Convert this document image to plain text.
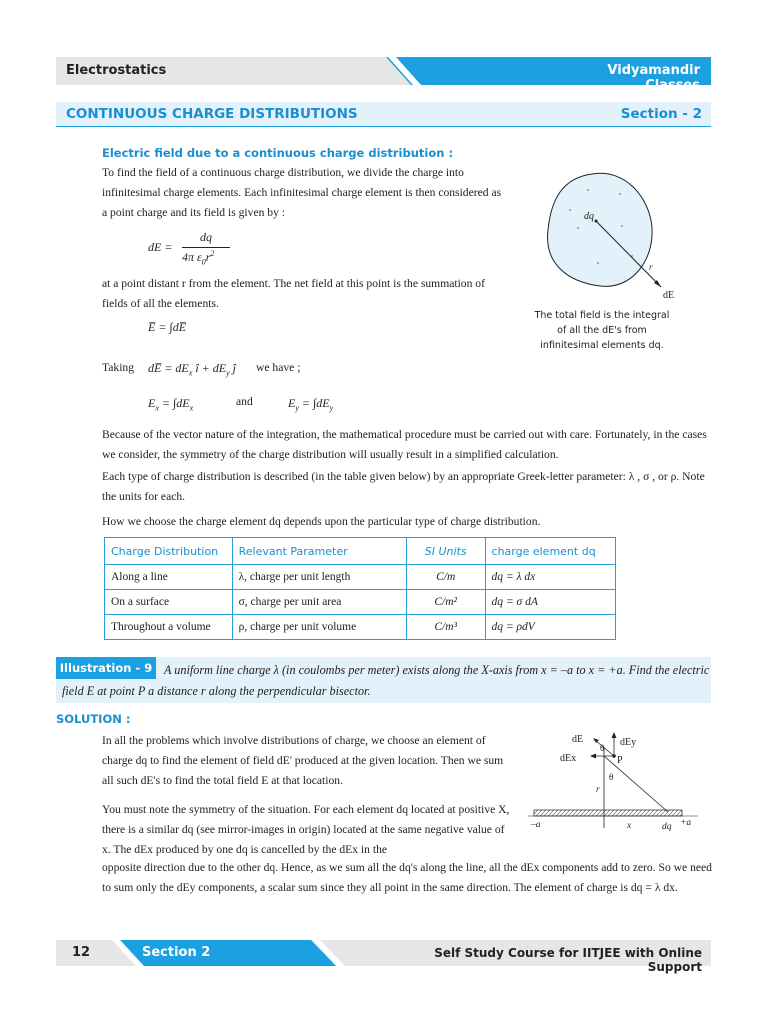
Electrostatics	Vidyamandir Classes
CONTINUOUS CHARGE DISTRIBUTIONS	Section - 2
Electric field due to a continuous charge distribution :
To find the field of a continuous charge distribution, we divide the charge into infinitesimal charge elements. Each infinitesimal charge element is then considered as a point charge and its field is given by :
dE =
dq
4π $\varepsilon_0r^2$
at a point distant r from the element. The net field at this point is the summation of fields of all the elements.
E̅ = ∫dE̅
Taking dE̅ = $dE_x$ î + $dE_y$ ĵ we have ;
$E_x = \int dE_x$	and	$E_y = \int dE_y$
dq
r
dE
The total field is the integral
of all the dE's from
infinitesimal elements dq.
Because of the vector nature of the integration, the mathematical procedure must be carried out with care. Fortunately, in the cases we consider, the symmetry of the charge distribution will usually result in a simplified calculation.
Each type of charge distribution is described (in the table given below) by an appropriate Greek-letter parameter: λ , σ , or ρ. Note the units for each.
How we choose the charge element dq depends upon the particular type of charge distribution.
Charge Distribution	Relevant Parameter	SI Units	charge element dq
Along a line	λ, charge per unit length	C/m	dq = λ dx
On a surface	σ, charge per unit area	C/m²	dq = σ dA
Throughout a volume	ρ, charge per unit volume	C/m³	dq = ρdV
Illustration - 9 A uniform line charge λ (in coulombs per meter) exists along the X-axis from x = –a to x = +a. Find the electric field E at point P a distance r along the perpendicular bisector.
SOLUTION :
In all the problems which involve distributions of charge, we choose an element of charge dq to find the element of field dE' produced at the given location. Then we sum all such dE's to find the total field E at that location.
You must note the symmetry of the situation. For each element dq located at positive X, there is a similar dq (see mirror-images in origin) located at the same negative value of x. The dEx produced by one dq is cancelled by the dEx in the
opposite direction due to the other dq. Hence, as we sum all the dq's along the line, all the dEx components add to zero. So we need to sum only the dEy components, a scalar sum since they all point in the same direction. The element of charge is dq = λ dx.
dE	dEy
θ
dEx	P
θ
r
–a	x	dq +a
12	Section 2	Self Study Course for IITJEE with Online Support
